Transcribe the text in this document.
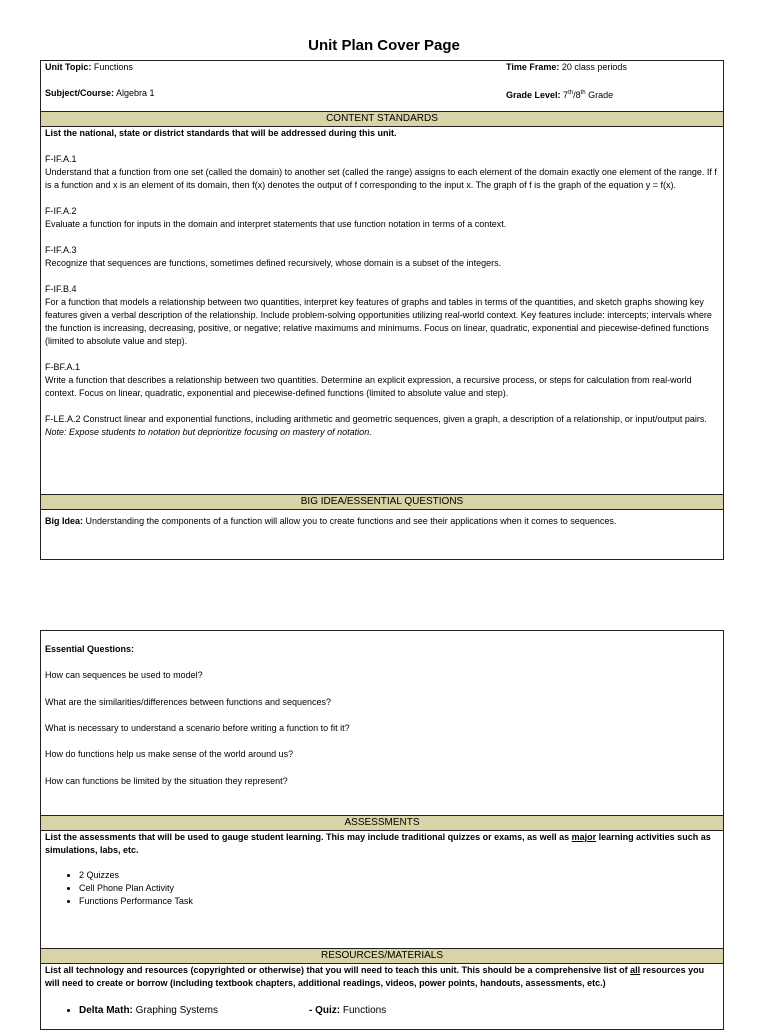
Unit Plan Cover Page
Unit Topic: Functions	Time Frame: 20 class periods
Subject/Course: Algebra 1	Grade Level: 7th/8th Grade
CONTENT STANDARDS

List the national, state or district standards that will be addressed during this unit.

F-IF.A.1

Understand that a function from one set (called the domain) to another set (called the range) assigns to each element of the domain exactly one element of the range. If f is a function and x is an element of its domain, then f(x) denotes the output of f corresponding to the input x. The graph of f is the graph of the equation y = f(x).

F-IF.A.2

Evaluate a function for inputs in the domain and interpret statements that use function notation in terms of a context.

F-IF.A.3

Recognize that sequences are functions, sometimes defined recursively, whose domain is a subset of the integers.

F-IF.B.4

For a function that models a relationship between two quantities, interpret key features of graphs and tables in terms of the quantities, and sketch graphs showing key features given a verbal description of the relationship. Include problem-solving opportunities utilizing real-world context. Key features include: intercepts; intervals where the function is increasing, decreasing, positive, or negative; relative maximums and minimums. Focus on linear, quadratic, exponential and piecewise-defined functions (limited to absolute value and step).

F-BF.A.1

Write a function that describes a relationship between two quantities. Determine an explicit expression, a recursive process, or steps for calculation from real-world context. Focus on linear, quadratic, exponential and piecewise-defined functions (limited to absolute value and step).

F-LE.A.2 Construct linear and exponential functions, including arithmetic and geometric sequences, given a graph, a description of a relationship, or input/output pairs.

Note: Expose students to notation but deprioritize focusing on mastery of notation.

BIG IDEA/ESSENTIAL QUESTIONS
Big Idea: Understanding the components of a function will allow you to create functions and see their applications when it comes to sequences.
Essential Questions:
How can sequences be used to model?
What are the similarities/differences between functions and sequences?
What is necessary to understand a scenario before writing a function to fit it?
How do functions help us make sense of the world around us?
How can functions be limited by the situation they represent?
ASSESSMENTS
List the assessments that will be used to gauge student learning. This may include traditional quizzes or exams, as well as major learning activities such as simulations, labs, etc.
• 2 Quizzes
• Cell Phone Plan Activity
• Functions Performance Task
RESOURCES/MATERIALS
List all technology and resources (copyrighted or otherwise) that you will need to teach this unit. This should be a comprehensive list of all resources you will need to create or borrow (including textbook chapters, additional readings, videos, power points, handouts, assessments, etc.)
• Delta Math: Graphing Systems	- Quiz: Functions
